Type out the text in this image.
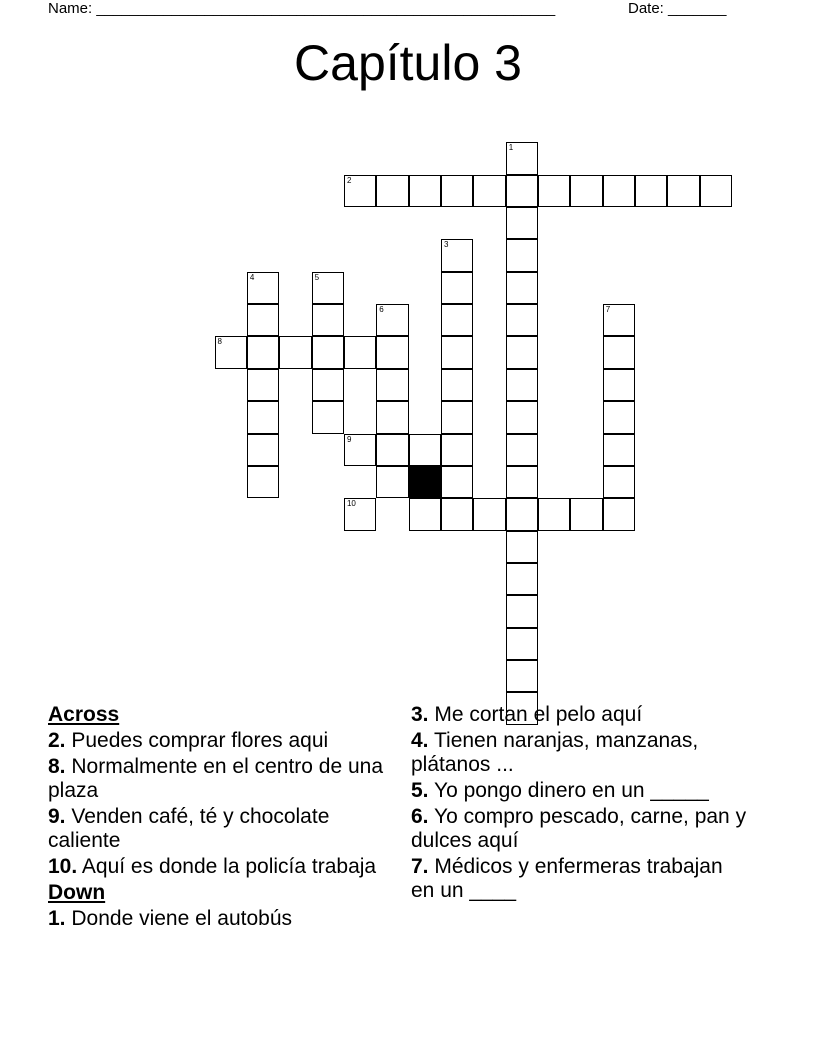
Name: _______________________________________________________	Date: _______
Capítulo 3
1
2
3
4	5
6	7
8
9
10
Across
2. Puedes comprar flores aqui
8. Normalmente en el centro de una plaza
9. Venden café, té y chocolate caliente
10. Aquí es donde la policía trabaja
Down
1. Donde viene el autobús
3. Me cortan el pelo aquí
4. Tienen naranjas, manzanas, plátanos ...
5. Yo pongo dinero en un _____
6. Yo compro pescado, carne, pan y dulces aquí
7. Médicos y enfermeras trabajan en un ____
